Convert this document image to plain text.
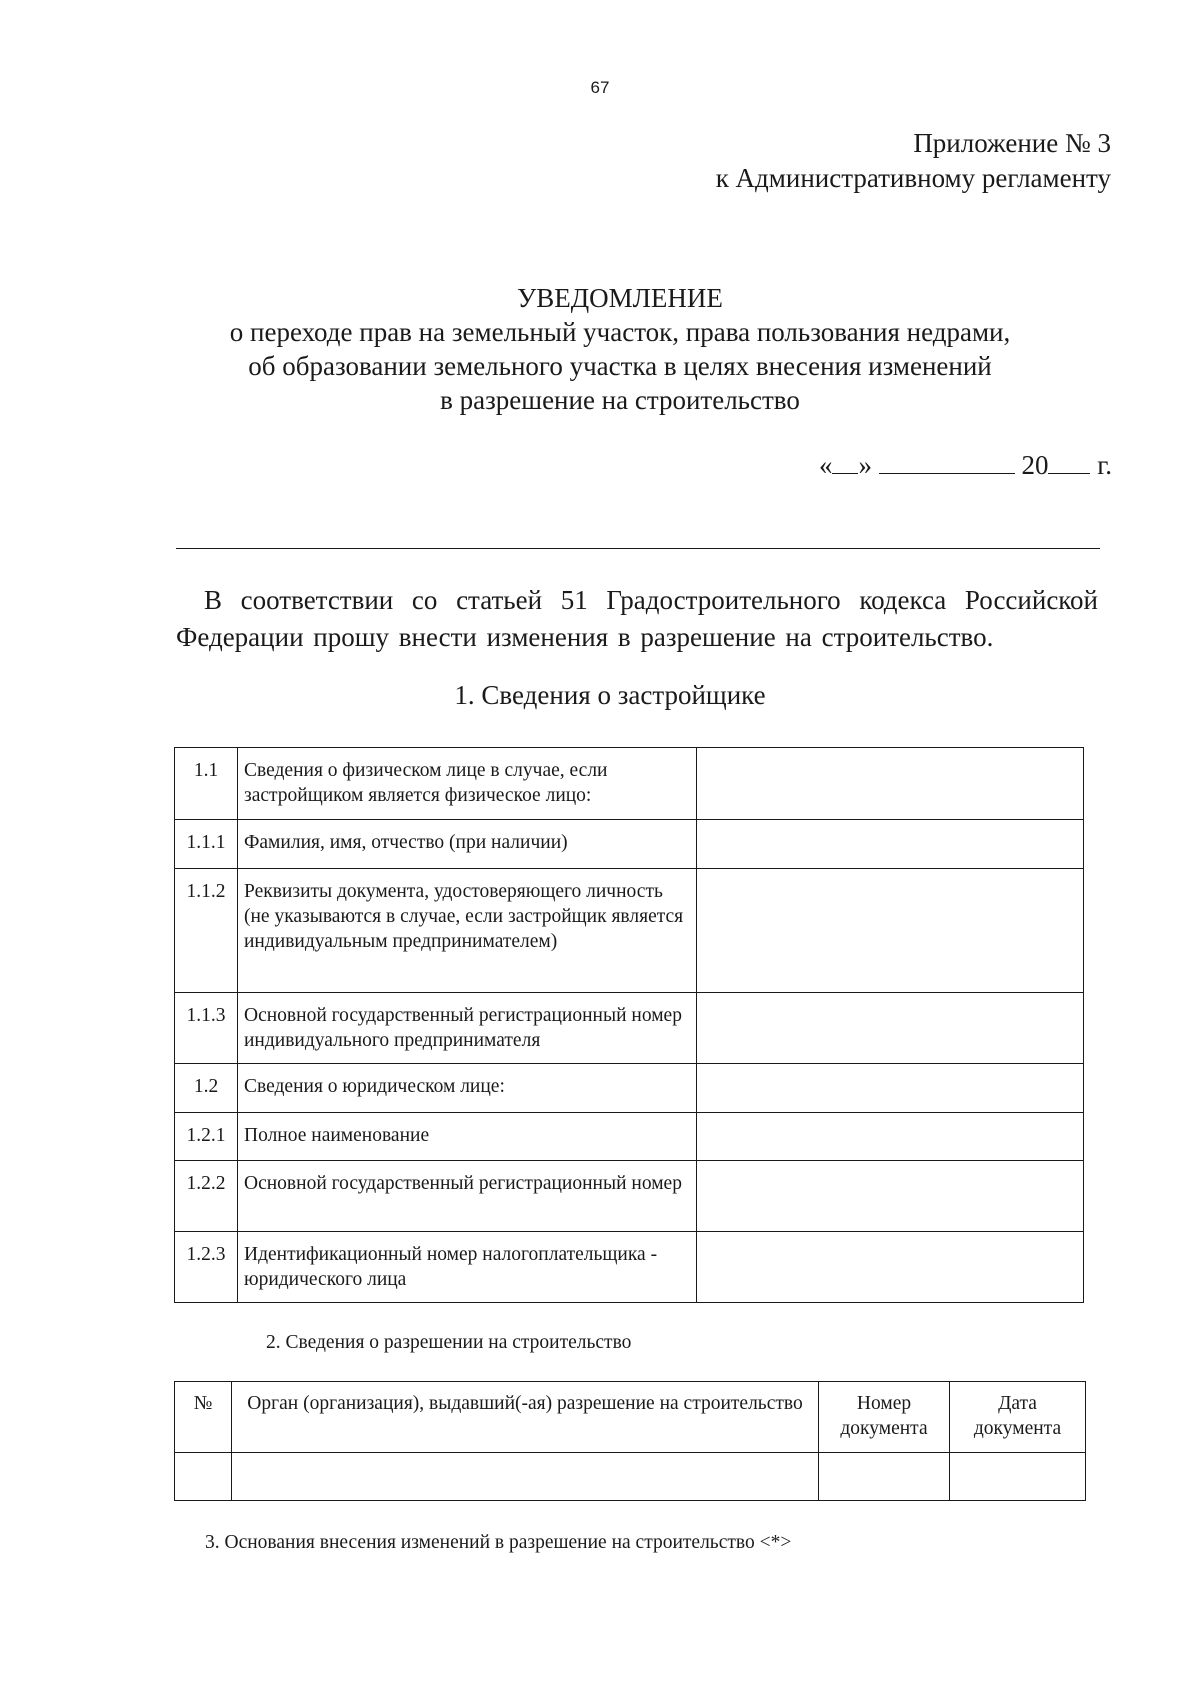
67
Приложение № 3
к Административному регламенту
УВЕДОМЛЕНИЕ
о переходе прав на земельный участок, права пользования недрами,
об образовании земельного участка в целях внесения изменений
в разрешение на строительство
« »	20 г.
В соответствии со статьей 51 Градостроительного кодекса Российской Федерации прошу внести изменения в разрешение на строительство.
1. Сведения о застройщике
1.1	Сведения о физическом лице в случае, если застройщиком является физическое лицо:	
1.1.1	Фамилия, имя, отчество (при наличии)	
1.1.2	Реквизиты документа, удостоверяющего личность (не указываются в случае, если застройщик является индивидуальным предпринимателем)	
1.1.3	Основной государственный регистрационный номер индивидуального предпринимателя	
1.2	Сведения о юридическом лице:	
1.2.1	Полное наименование	
1.2.2	Основной государственный регистрационный номер	
1.2.3	Идентификационный номер налогоплательщика - юридического лица	
2. Сведения о разрешении на строительство
№	Орган (организация), выдавший(-ая) разрешение на строительство	Номер документа	Дата документа

3. Основания внесения изменений в разрешение на строительство <*>
